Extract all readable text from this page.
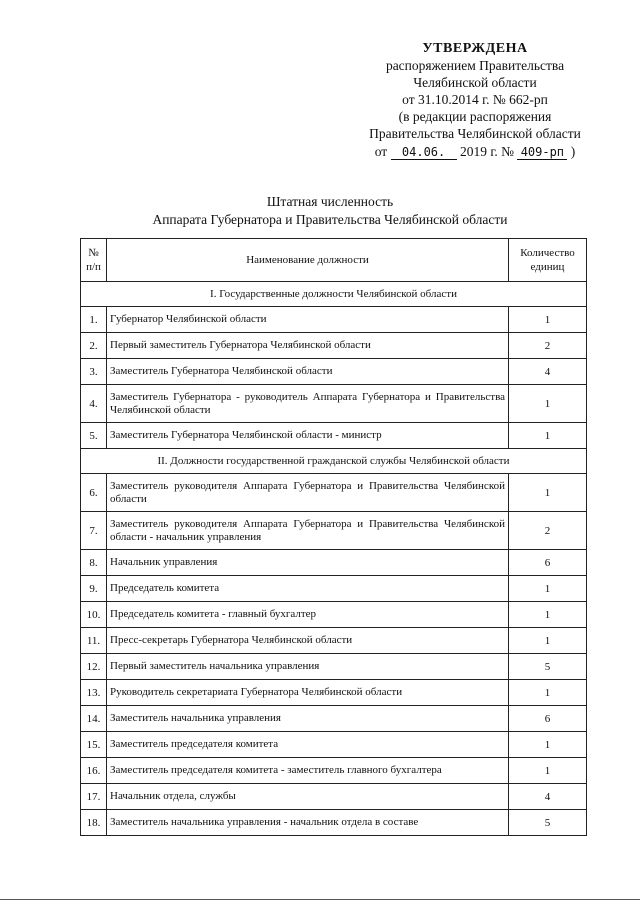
УТВЕРЖДЕНА
распоряжением Правительства
Челябинской области
от 31.10.2014 г. № 662-рп
(в редакции распоряжения
Правительства Челябинской области
от 04.06. 2019 г. № 409-рп )
Штатная численность
Аппарата Губернатора и Правительства Челябинской области
№ п/п	Наименование должности	Количество единиц
I. Государственные должности Челябинской области		
1.	Губернатор Челябинской области	1
2.	Первый заместитель Губернатора Челябинской области	2
3.	Заместитель Губернатора Челябинской области	4
4.	Заместитель Губернатора - руководитель Аппарата Губернатора и Правительства Челябинской области	1
5.	Заместитель Губернатора Челябинской области - министр	1
II. Должности государственной гражданской службы Челябинской области		
6.	Заместитель руководителя Аппарата Губернатора и Правительства Челябинской области	1
7.	Заместитель руководителя Аппарата Губернатора и Правительства Челябинской области - начальник управления	2
8.	Начальник управления	6
9.	Председатель комитета	1
10.	Председатель комитета - главный бухгалтер	1
11.	Пресс-секретарь Губернатора Челябинской области	1
12.	Первый заместитель начальника управления	5
13.	Руководитель секретариата Губернатора Челябинской области	1
14.	Заместитель начальника управления	6
15.	Заместитель председателя комитета	1
16.	Заместитель председателя комитета - заместитель главного бухгалтера	1
17.	Начальник отдела, службы	4
18.	Заместитель начальника управления - начальник отдела в составе	5
